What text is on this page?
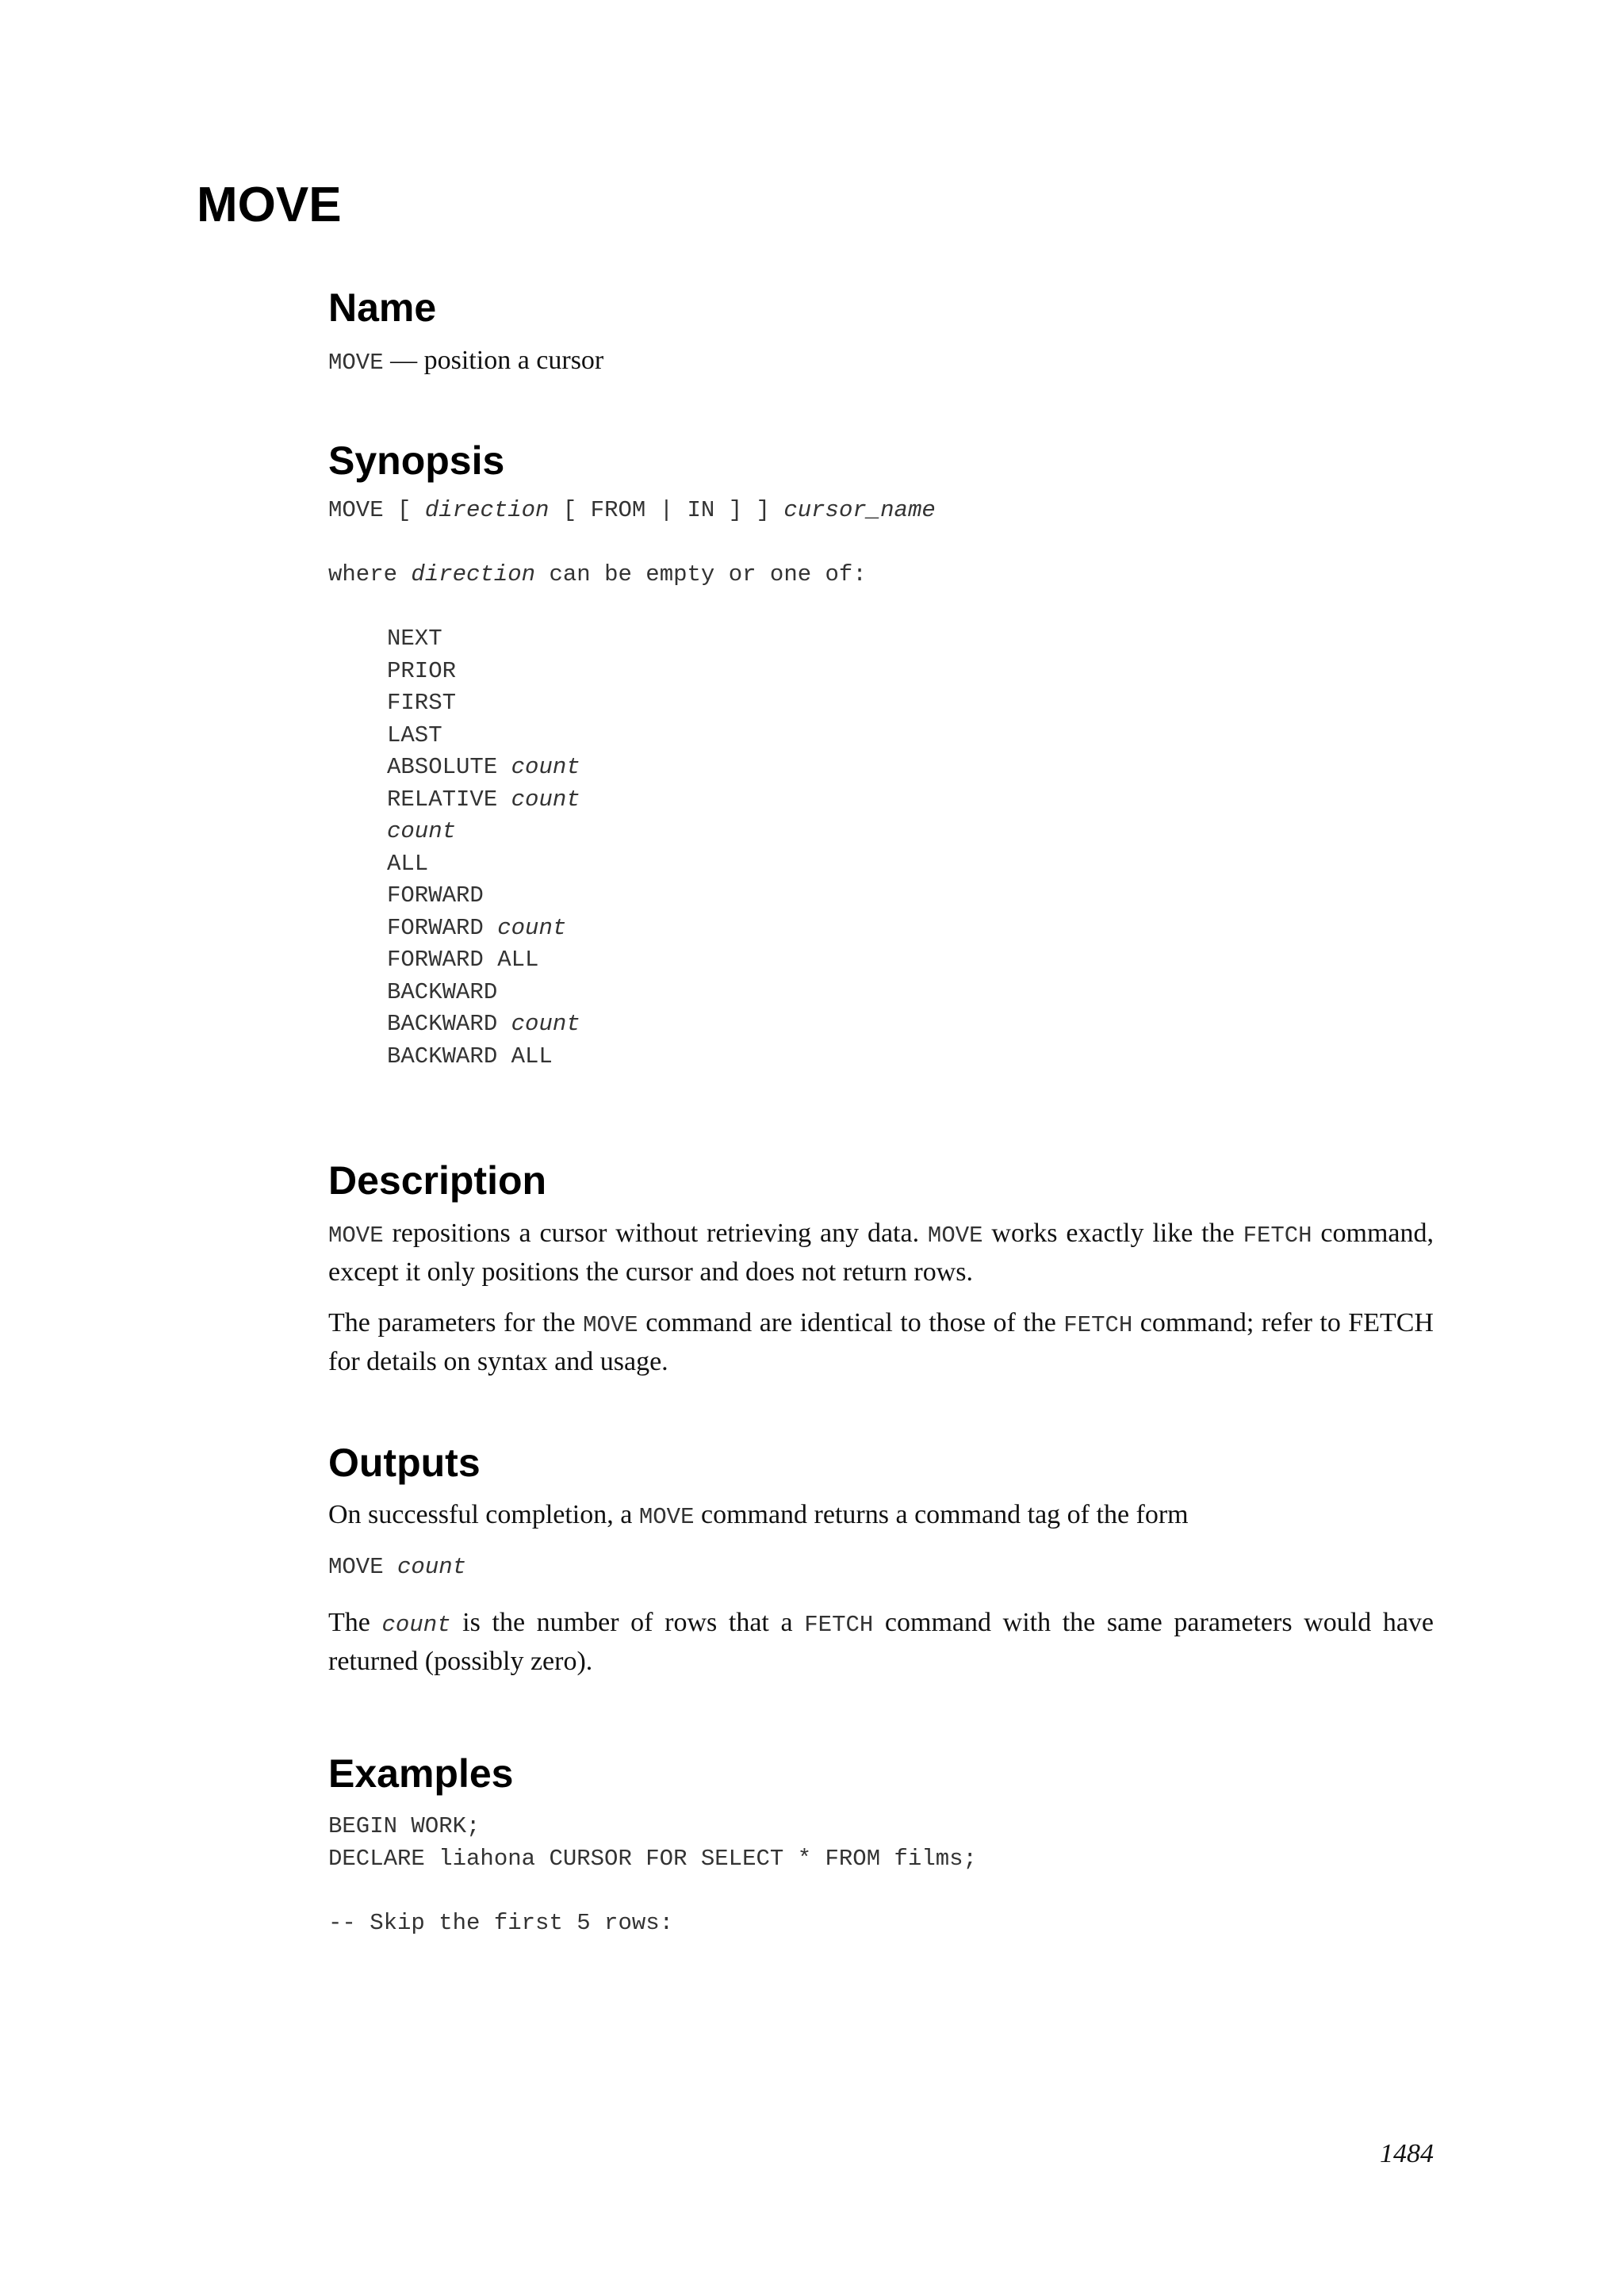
MOVE
Name

MOVE — position a cursor

Synopsis
MOVE [ direction [ FROM | IN ] ] cursor_name
where direction can be empty or one of:
NEXT
PRIOR
FIRST
LAST
ABSOLUTE count
RELATIVE count
count
ALL
FORWARD
FORWARD count
FORWARD ALL
BACKWARD
BACKWARD count
BACKWARD ALL
Description

MOVE repositions a cursor without retrieving any data. MOVE works exactly like the FETCH command, except it only positions the cursor and does not return rows.

The parameters for the MOVE command are identical to those of the FETCH command; refer to FETCH for details on syntax and usage.

Outputs

On successful completion, a MOVE command returns a command tag of the form

MOVE count

The count is the number of rows that a FETCH command with the same parameters would have returned (possibly zero).

Examples
BEGIN WORK;
DECLARE liahona CURSOR FOR SELECT * FROM films;

-- Skip the first 5 rows:
1484
